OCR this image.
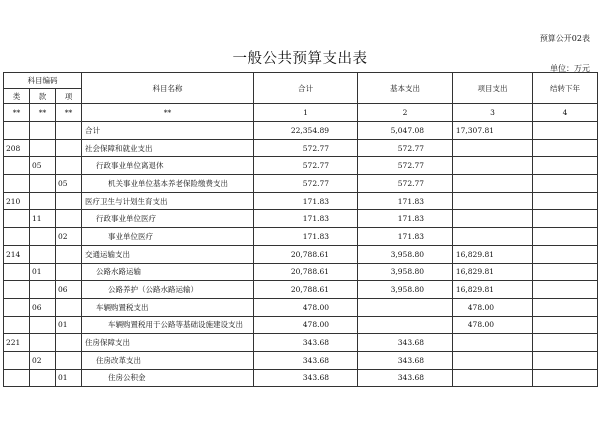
预算公开02表
一般公共预算支出表
单位：万元
科目编码			科目名称	合计	基本支出	项目支出	结转下年
类	款	项					
**	**	**	**	1	2	3	4
			合计	22,354.89	5,047.08	17,307.81	
208			社会保障和就业支出	572.77	572.77		
	05		行政事业单位离退休	572.77	572.77		
		05	机关事业单位基本养老保险缴费支出	572.77	572.77		
210			医疗卫生与计划生育支出	171.83	171.83		
	11		行政事业单位医疗	171.83	171.83		
		02	事业单位医疗	171.83	171.83		
214			交通运输支出	20,788.61	3,958.80	16,829.81	
	01		公路水路运输	20,788.61	3,958.80	16,829.81	
		06	公路养护（公路水路运输）	20,788.61	3,958.80	16,829.81	
	06		车辆购置税支出	478.00		478.00	
		01	车辆购置税用于公路等基础设施建设支出	478.00		478.00	
221			住房保障支出	343.68	343.68		
	02		住房改革支出	343.68	343.68		
		01	住房公积金	343.68	343.68		
